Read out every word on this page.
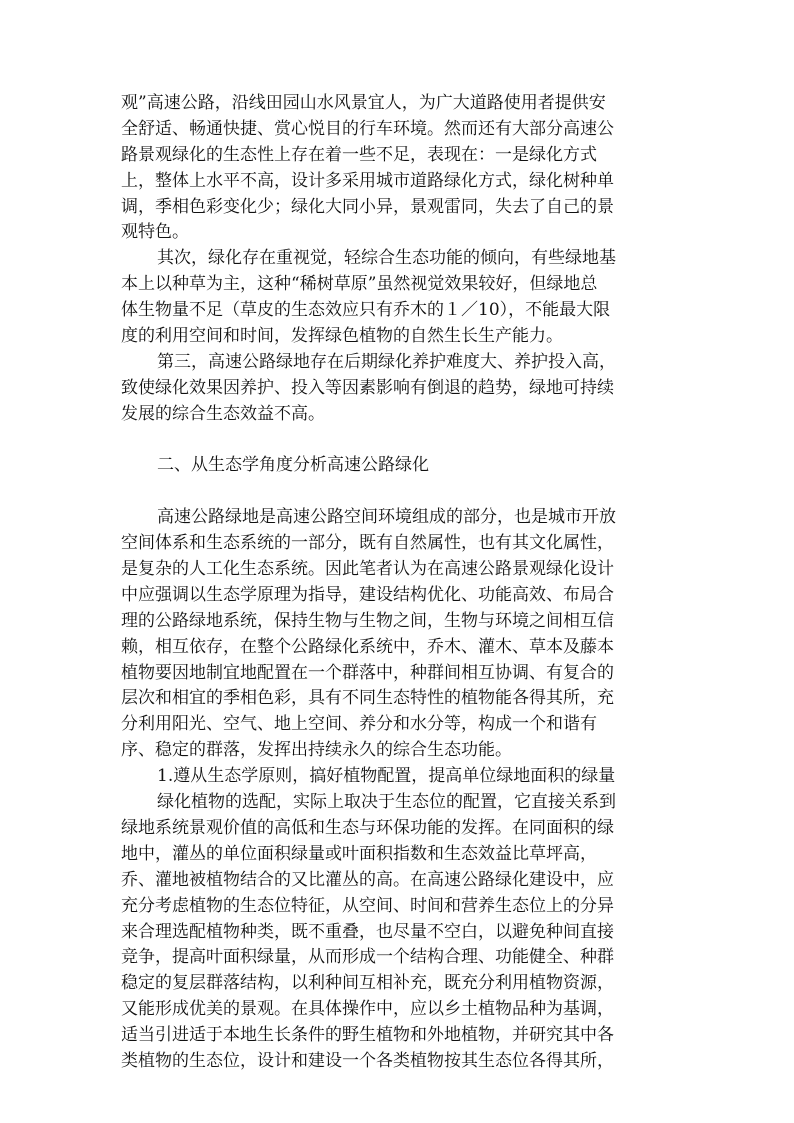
观”高速公路，沿线田园山水风景宜人，为广大道路使用者提供安
全舒适、畅通快捷、赏心悦目的行车环境。然而还有大部分高速公
路景观绿化的生态性上存在着一些不足，表现在：一是绿化方式
上，整体上水平不高，设计多采用城市道路绿化方式，绿化树种单
调，季相色彩变化少；绿化大同小异，景观雷同，失去了自己的景
观特色。
其次，绿化存在重视觉，轻综合生态功能的倾向，有些绿地基
本上以种草为主，这种“稀树草原”虽然视觉效果较好，但绿地总
体生物量不足（草皮的生态效应只有乔木的１／10），不能最大限
度的利用空间和时间，发挥绿色植物的自然生长生产能力。
第三，高速公路绿地存在后期绿化养护难度大、养护投入高，
致使绿化效果因养护、投入等因素影响有倒退的趋势，绿地可持续
发展的综合生态效益不高。
二、从生态学角度分析高速公路绿化
高速公路绿地是高速公路空间环境组成的部分，也是城市开放
空间体系和生态系统的一部分，既有自然属性，也有其文化属性，
是复杂的人工化生态系统。因此笔者认为在高速公路景观绿化设计
中应强调以生态学原理为指导，建设结构优化、功能高效、布局合
理的公路绿地系统，保持生物与生物之间，生物与环境之间相互信
赖，相互依存，在整个公路绿化系统中，乔木、灌木、草本及藤本
植物要因地制宜地配置在一个群落中，种群间相互协调、有复合的
层次和相宜的季相色彩，具有不同生态特性的植物能各得其所，充
分利用阳光、空气、地上空间、养分和水分等，构成一个和谐有
序、稳定的群落，发挥出持续永久的综合生态功能。
1.遵从生态学原则，搞好植物配置，提高单位绿地面积的绿量
绿化植物的选配，实际上取决于生态位的配置，它直接关系到
绿地系统景观价值的高低和生态与环保功能的发挥。在同面积的绿
地中，灌丛的单位面积绿量或叶面积指数和生态效益比草坪高，
乔、灌地被植物结合的又比灌丛的高。在高速公路绿化建设中，应
充分考虑植物的生态位特征，从空间、时间和营养生态位上的分异
来合理选配植物种类，既不重叠，也尽量不空白，以避免种间直接
竞争，提高叶面积绿量，从而形成一个结构合理、功能健全、种群
稳定的复层群落结构，以利种间互相补充，既充分利用植物资源，
又能形成优美的景观。在具体操作中，应以乡土植物品种为基调，
适当引进适于本地生长条件的野生植物和外地植物，并研究其中各
类植物的生态位，设计和建设一个各类植物按其生态位各得其所，
